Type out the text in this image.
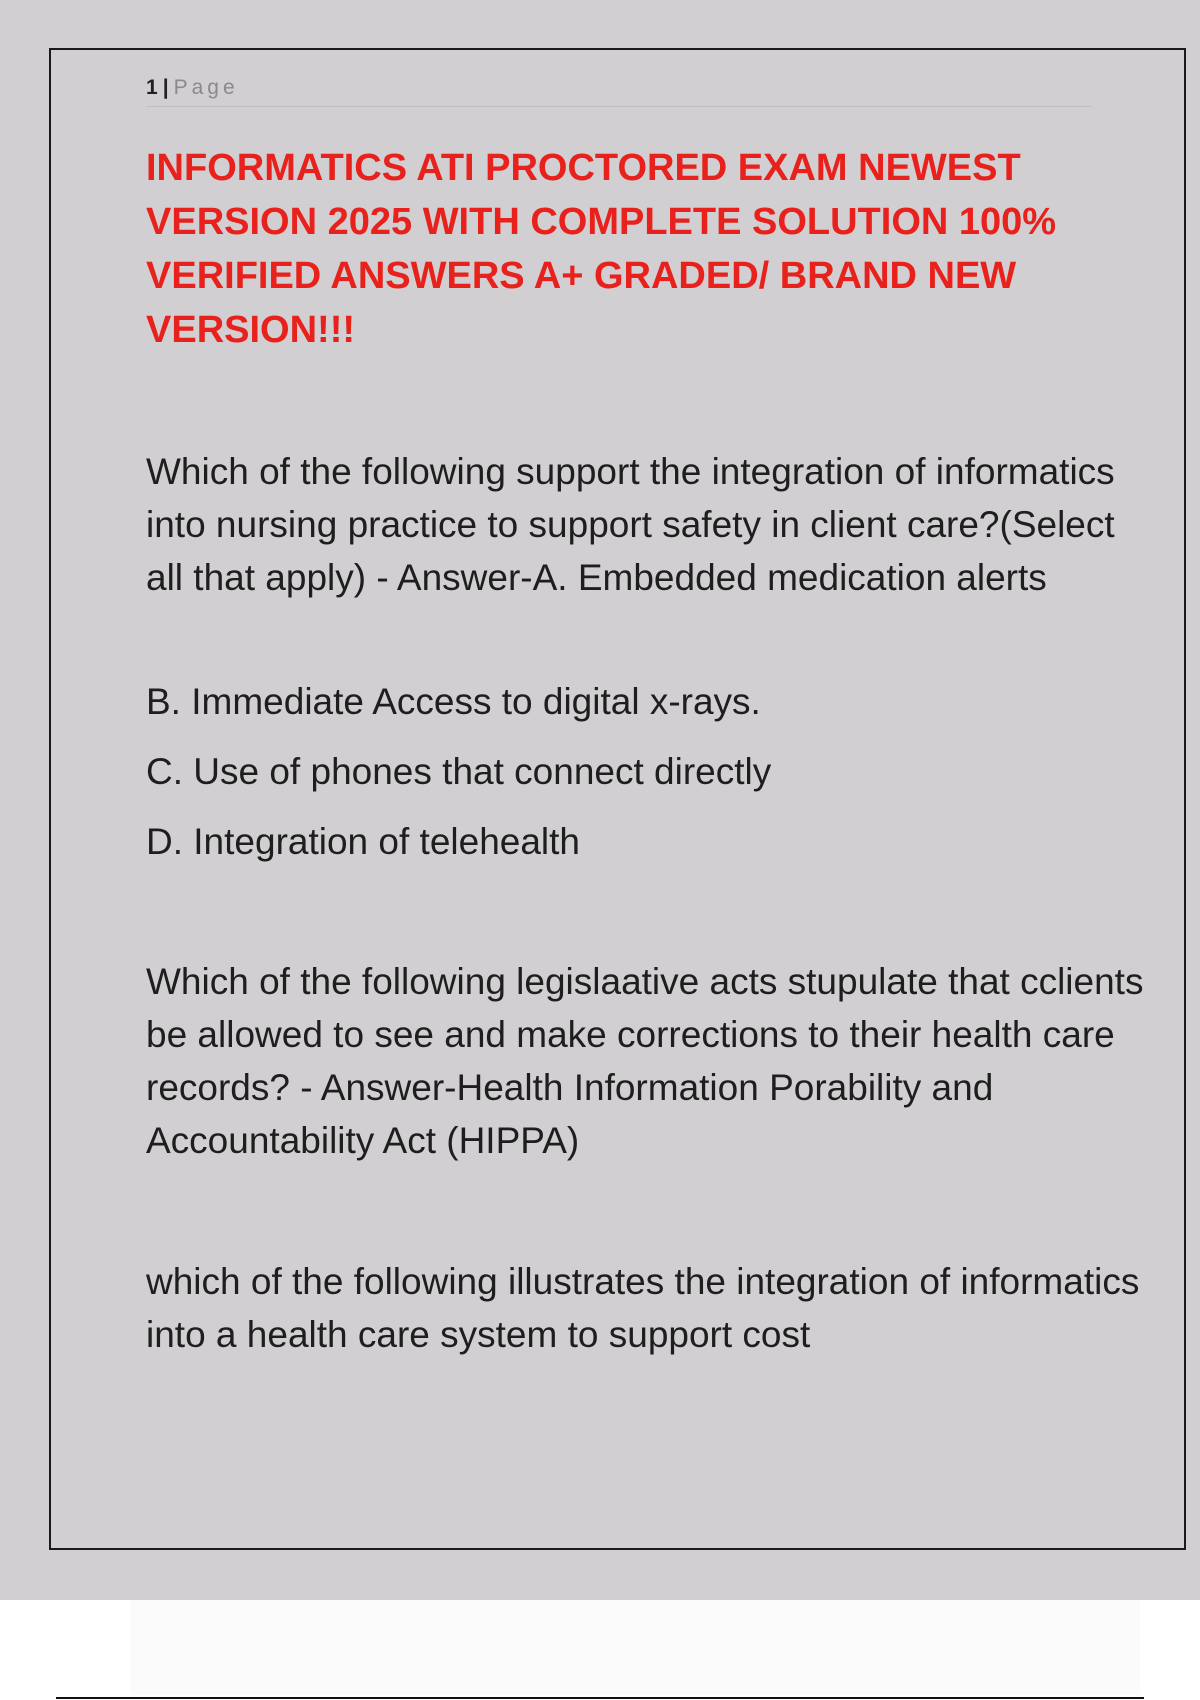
1 | Page
INFORMATICS ATI PROCTORED EXAM NEWEST VERSION 2025 WITH COMPLETE SOLUTION 100% VERIFIED ANSWERS A+ GRADED/ BRAND NEW VERSION!!!

Which of the following support the integration of informatics into nursing practice to support safety in client care?(Select all that apply) - Answer-A. Embedded medication alerts

B. Immediate Access to digital x-rays.

C. Use of phones that connect directly

D. Integration of telehealth

Which of the following legislaative acts stupulate that cclients be allowed to see and make corrections to their health care records? - Answer-Health Information Porability and Accountability Act (HIPPA)

which of the following illustrates the integration of informatics into a health care system to support cost
